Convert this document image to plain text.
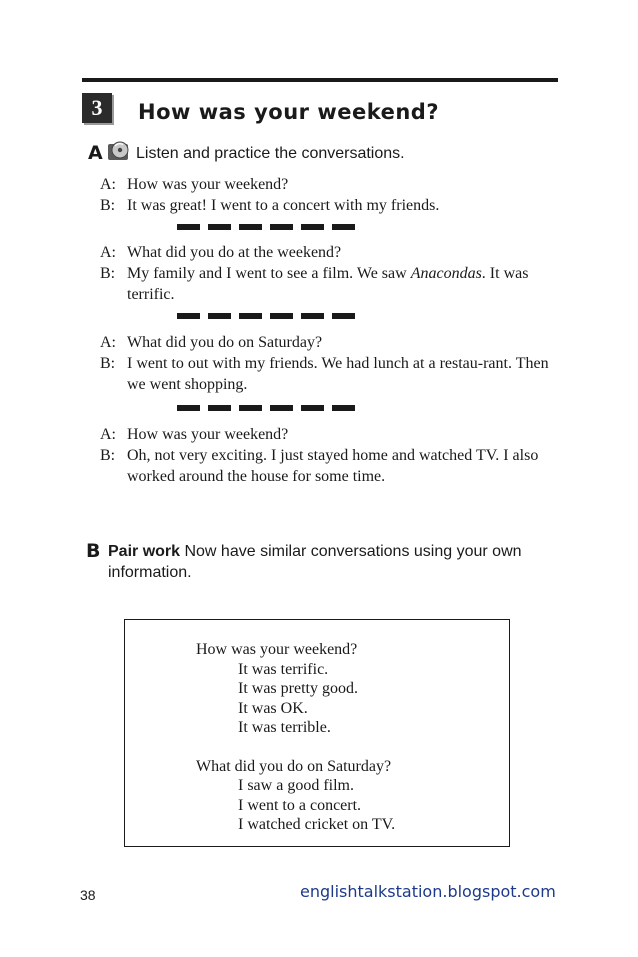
3	How was your weekend?
A Listen and practice the conversations.
A: How was your weekend?
B: It was great! I went to a concert with my friends.
A: What did you do at the weekend?
B: My family and I went to see a film. We saw Anacondas. It was terrific.
A: What did you do on Saturday?
B: I went to out with my friends. We had lunch at a restau-rant. Then we went shopping.
A: How was your weekend?
B: Oh, not very exciting. I just stayed home and watched TV. I also worked around the house for some time.
B Pair work Now have similar conversations using your own information.
How was your weekend?
It was terrific.
It was pretty good.
It was OK.
It was terrible.
What did you do on Saturday?
I saw a good film.
I went to a concert.
I watched cricket on TV.
38	englishtalkstation.blogspot.com
